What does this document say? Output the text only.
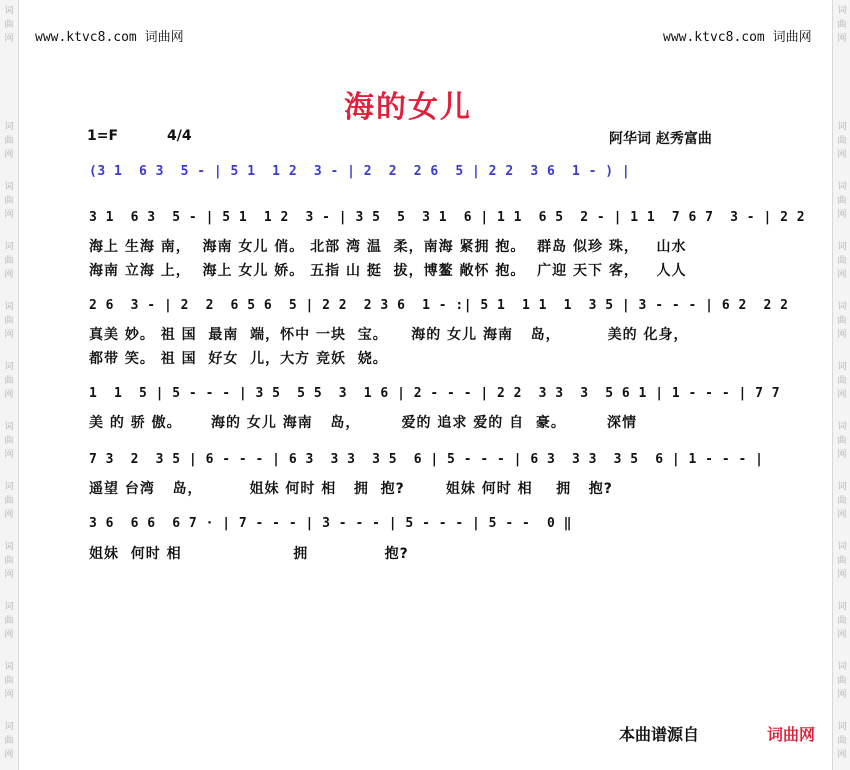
词曲网
词曲网
词曲网
词曲网
词曲网
词曲网
词曲网
词曲网
词曲网
词曲网
词曲网
词曲网
词曲网
词曲网
词曲网
词曲网
词曲网
词曲网
词曲网
词曲网
词曲网
词曲网
词曲网
词曲网
www.ktvc8.com 词曲网	www.ktvc8.com 词曲网
海的女儿
1=F	4/4	阿华词 赵秀富曲
(3 1  6 3  5 - | 5 1  1 2  3 - | 2  2  2 6  5 | 2 2  3 6  1 - ) |
3 1  6 3  5 - | 5 1  1 2  3 - | 3 5  5  3 1  6 | 1 1  6 5  2 - | 1 1  7 6 7  3 - | 2 2
海上 生海 南，  海南 女儿 俏。 北部 湾 温  柔，南海 紧拥 抱。  群岛 似珍 珠，   山水
海南 立海 上，  海上 女儿 娇。 五指 山 挺  拔，博鳌 敞怀 抱。  广迎 天下 客，   人人
2 6  3 - | 2  2  6 5 6  5 | 2 2  2 3 6  1 - :| 5 1  1 1  1  3 5 | 3 - - - | 6 2  2 2
真美 妙。 祖 国  最南  端，怀中 一块  宝。    海的 女儿 海南   岛，        美的 化身，
都带 笑。 祖 国  好女  儿，大方 竞妖  娆。
1  1  5 | 5 - - - | 3 5  5 5  3  1 6 | 2 - - - | 2 2  3 3  3  5 6 1 | 1 - - - | 7 7
美 的 骄 傲。     海的 女儿 海南   岛，       爱的 追求 爱的 自  豪。       深情
7 3  2  3 5 | 6 - - - | 6 3  3 3  3 5  6 | 5 - - - | 6 3  3 3  3 5  6 | 1 - - - |
遥望 台湾   岛，        姐妹 何时 相   拥  抱?       姐妹 何时 相    拥   抱?
3 6  6 6  6 7 · | 7 - - - | 3 - - - | 5 - - - | 5 - -  0 ‖
姐妹  何时 相                   拥             抱?
本曲谱源自	词曲网
